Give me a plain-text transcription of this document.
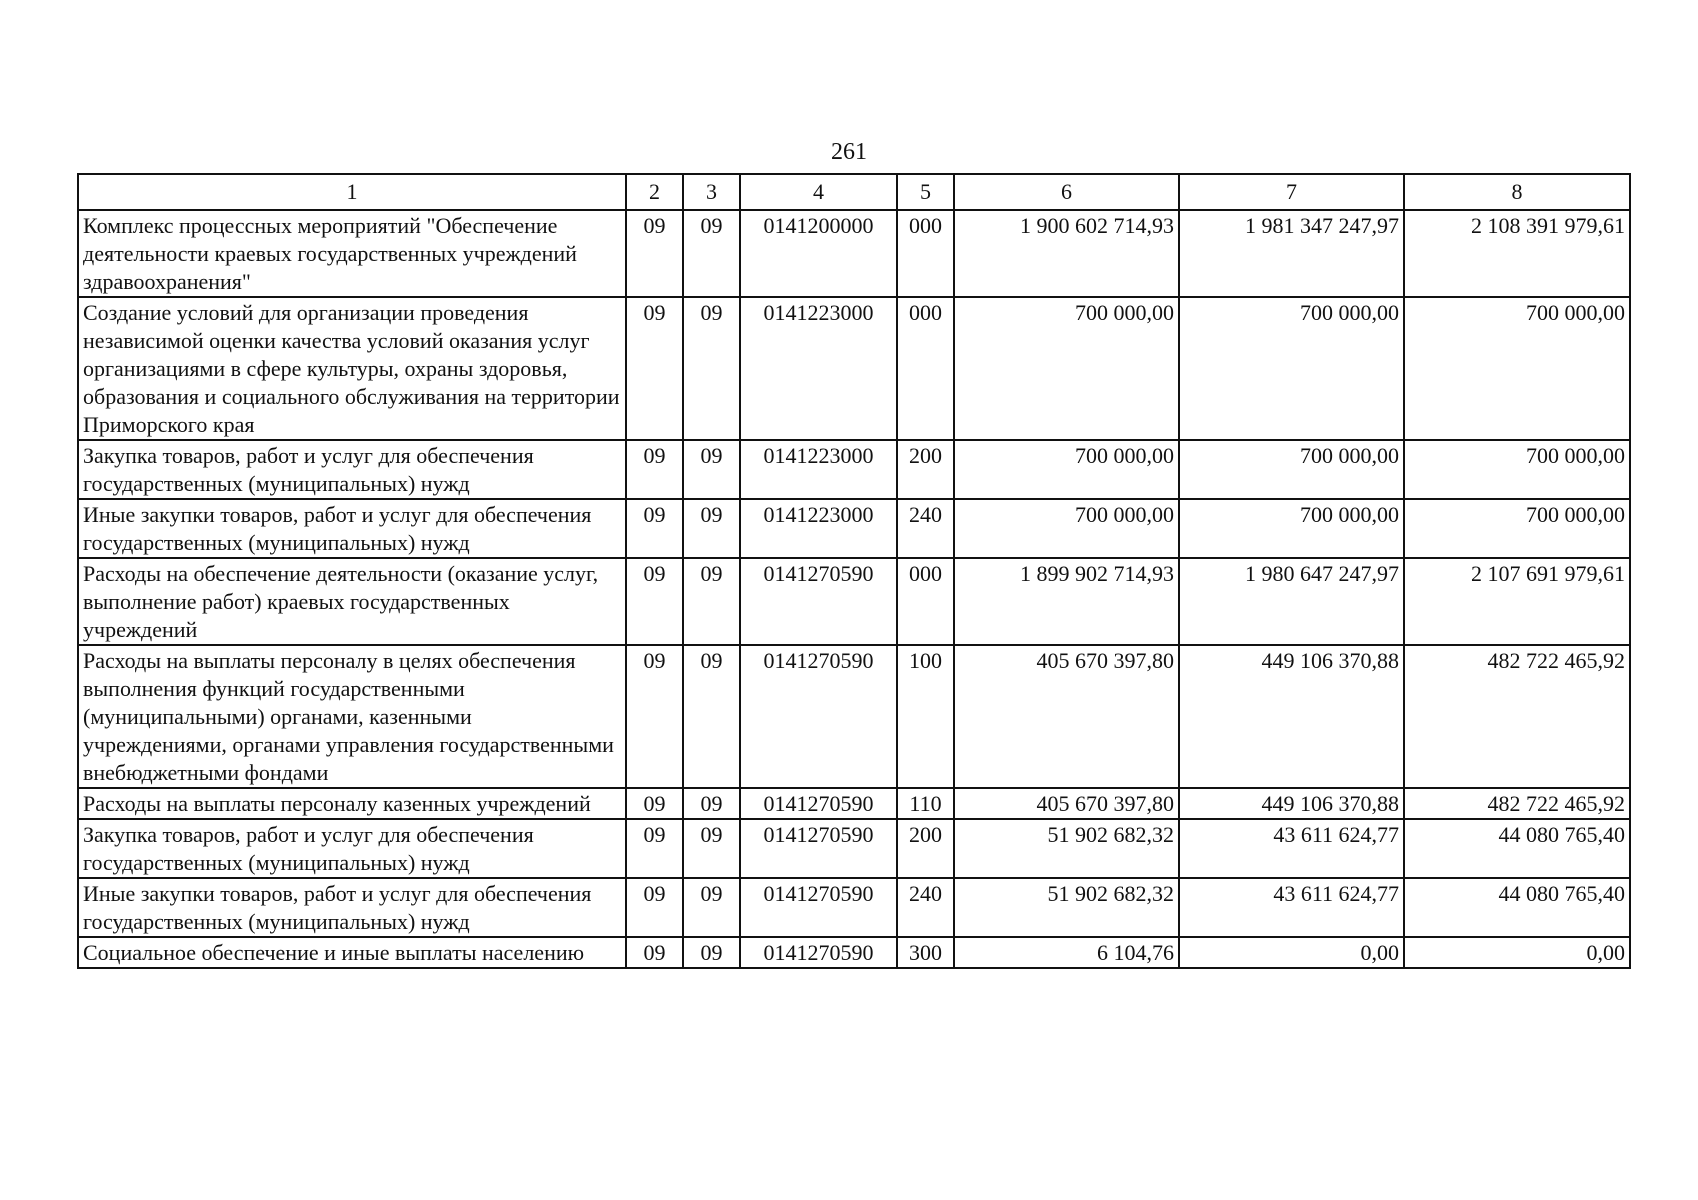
261
1	2	3	4	5	6	7	8
Комплекс процессных мероприятий "Обеспечение деятельности краевых государственных учреждений здравоохранения"	09	09	0141200000	000	1 900 602 714,93	1 981 347 247,97	2 108 391 979,61
Создание условий для организации проведения независимой оценки качества условий оказания услуг организациями в сфере культуры, охраны здоровья, образования и социального обслуживания на территории Приморского края	09	09	0141223000	000	700 000,00	700 000,00	700 000,00
Закупка товаров, работ и услуг для обеспечения государственных (муниципальных) нужд	09	09	0141223000	200	700 000,00	700 000,00	700 000,00
Иные закупки товаров, работ и услуг для обеспечения государственных (муниципальных) нужд	09	09	0141223000	240	700 000,00	700 000,00	700 000,00
Расходы на обеспечение деятельности (оказание услуг, выполнение работ) краевых государственных учреждений	09	09	0141270590	000	1 899 902 714,93	1 980 647 247,97	2 107 691 979,61
Расходы на выплаты персоналу в целях обеспечения выполнения функций государственными (муниципальными) органами, казенными учреждениями, органами управления государственными внебюджетными фондами	09	09	0141270590	100	405 670 397,80	449 106 370,88	482 722 465,92
Расходы на выплаты персоналу казенных учреждений	09	09	0141270590	110	405 670 397,80	449 106 370,88	482 722 465,92
Закупка товаров, работ и услуг для обеспечения государственных (муниципальных) нужд	09	09	0141270590	200	51 902 682,32	43 611 624,77	44 080 765,40
Иные закупки товаров, работ и услуг для обеспечения государственных (муниципальных) нужд	09	09	0141270590	240	51 902 682,32	43 611 624,77	44 080 765,40
Социальное обеспечение и иные выплаты населению	09	09	0141270590	300	6 104,76	0,00	0,00
